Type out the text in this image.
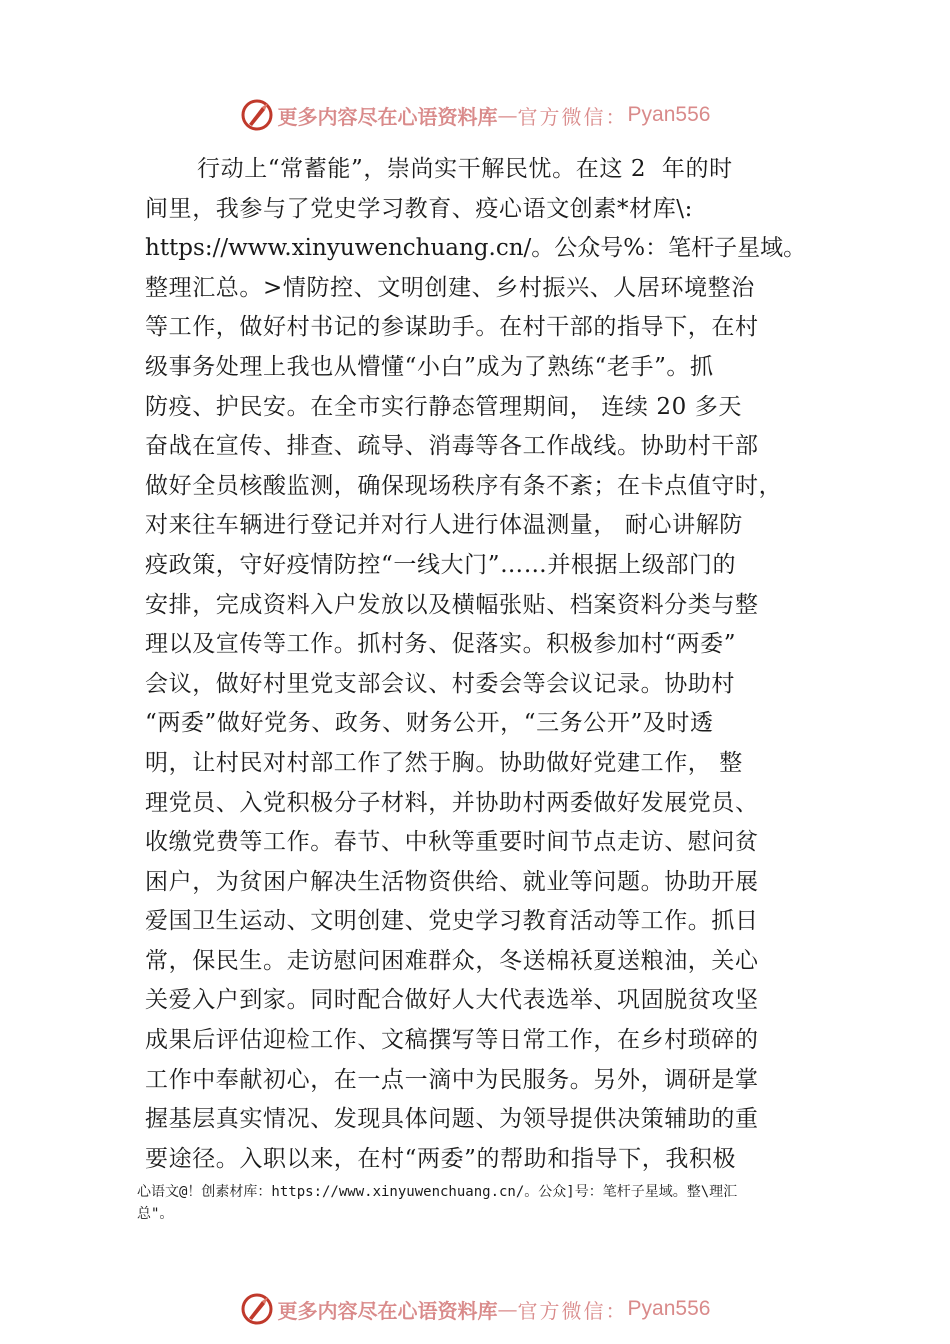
更多内容尽在心语资料库 — 官方微信： Pyan556
行动上“常蓄能”，崇尚实干解民忧。在这 2  年的时
间里，我参与了党史学习教育、疫心语文创素*材库\:
https://www.xinyuwenchuang.cn/。公众号%：笔杆子星域。
整理汇总。>情防控、文明创建、乡村振兴、人居环境整治
等工作，做好村书记的参谋助手。在村干部的指导下，在村
级事务处理上我也从懵懂“小白”成为了熟练“老手”。抓
防疫、护民安。在全市实行静态管理期间， 连续 20 多天
奋战在宣传、排查、疏导、消毒等各工作战线。协助村干部
做好全员核酸监测，确保现场秩序有条不紊；在卡点值守时，
对来往车辆进行登记并对行人进行体温测量， 耐心讲解防
疫政策，守好疫情防控“一线大门”……并根据上级部门的
安排，完成资料入户发放以及横幅张贴、档案资料分类与整
理以及宣传等工作。抓村务、促落实。积极参加村“两委”
会议，做好村里党支部会议、村委会等会议记录。协助村
“两委”做好党务、政务、财务公开，“三务公开”及时透
明，让村民对村部工作了然于胸。协助做好党建工作， 整
理党员、入党积极分子材料，并协助村两委做好发展党员、
收缴党费等工作。春节、中秋等重要时间节点走访、慰问贫
困户，为贫困户解决生活物资供给、就业等问题。协助开展
爱国卫生运动、文明创建、党史学习教育活动等工作。抓日
常，保民生。走访慰问困难群众，冬送棉袄夏送粮油，关心
关爱入户到家。同时配合做好人大代表选举、巩固脱贫攻坚
成果后评估迎检工作、文稿撰写等日常工作，在乡村琐碎的
工作中奉献初心，在一点一滴中为民服务。另外，调研是掌
握基层真实情况、发现具体问题、为领导提供决策辅助的重
要途径。入职以来，在村“两委”的帮助和指导下，我积极
心语文@！创素材库：https://www.xinyuwenchuang.cn/。公众]号：笔杆子星域。整\理汇
总"。
更多内容尽在心语资料库 — 官方微信： Pyan556
